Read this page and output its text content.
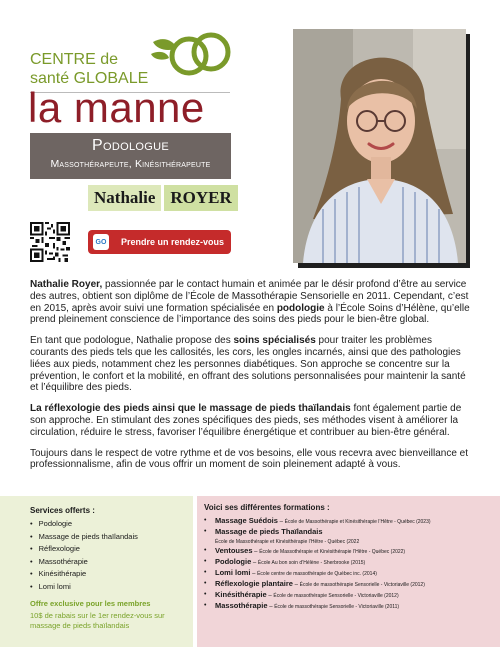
CENTRE de
santé GLOBALE
la manne
Podologue
Massothérapeute, Kinésithérapeute
Nathalie ROYER
GO Prendre un rendez-vous

Nathalie Royer, passionnée par le contact humain et animée par le désir profond d’être au service des autres, obtient son diplôme de l’École de Massothérapie Sensorielle en 2011. Cependant, c’est en 2015, après avoir suivi une formation spécialisée en podologie à l’École Soins d’Hélène, qu’elle prend pleinement conscience de l’importance des soins des pieds pour le bien-être global.

En tant que podologue, Nathalie propose des soins spécialisés pour traiter les problèmes courants des pieds tels que les callosités, les cors, les ongles incarnés, ainsi que des pathologies liées aux pieds, notamment chez les personnes diabétiques. Son approche se concentre sur la prévention, le confort et la mobilité, en offrant des solutions personnalisées pour maintenir la santé et l’équilibre des pieds.

La réflexologie des pieds ainsi que le massage de pieds thaïlandais font également partie de son approche. En stimulant des zones spécifiques des pieds, ses méthodes visent à améliorer la circulation, réduire le stress, favoriser l’équilibre énergétique et contribuer au bien-être général.

Toujours dans le respect de votre rythme et de vos besoins, elle vous recevra avec bienveillance et professionnalisme, afin de vous offrir un moment de soin pleinement adapté à vous.

Services offerts :
• Podologie
• Massage de pieds thaïlandais
• Réflexologie
• Massothérapie
• Kinésithérapie
• Lomi lomi
Offre exclusive pour les membres
10$ de rabais sur le 1er rendez-vous sur massage de pieds thaïlandais
Voici ses différentes formations :
• Massage Suédois – École de Massothérapie et Kinésithérapie l’Hêtre - Québec (2023)
• Massage de pieds Thaïlandais
École de Massothérapie et Kinésithérapie l’Hêtre - Québec (2022
• Ventouses – École de Massothérapie et Kinésithérapie l’Hêtre - Québec (2022)
• Podologie – École Au bon soin d’Hélène - Sherbrooke (2015)
• Lomi lomi – École centre de massothérapie de Québec inc. (2014)
• Réflexologie plantaire – École de massothérapie Sensorielle - Victoriaville (2012)
• Kinésithérapie – École de massothérapie Sensorielle - Victoriaville (2012)
• Massothérapie – École de massothérapie Sensorielle - Victoriaville (2011)
